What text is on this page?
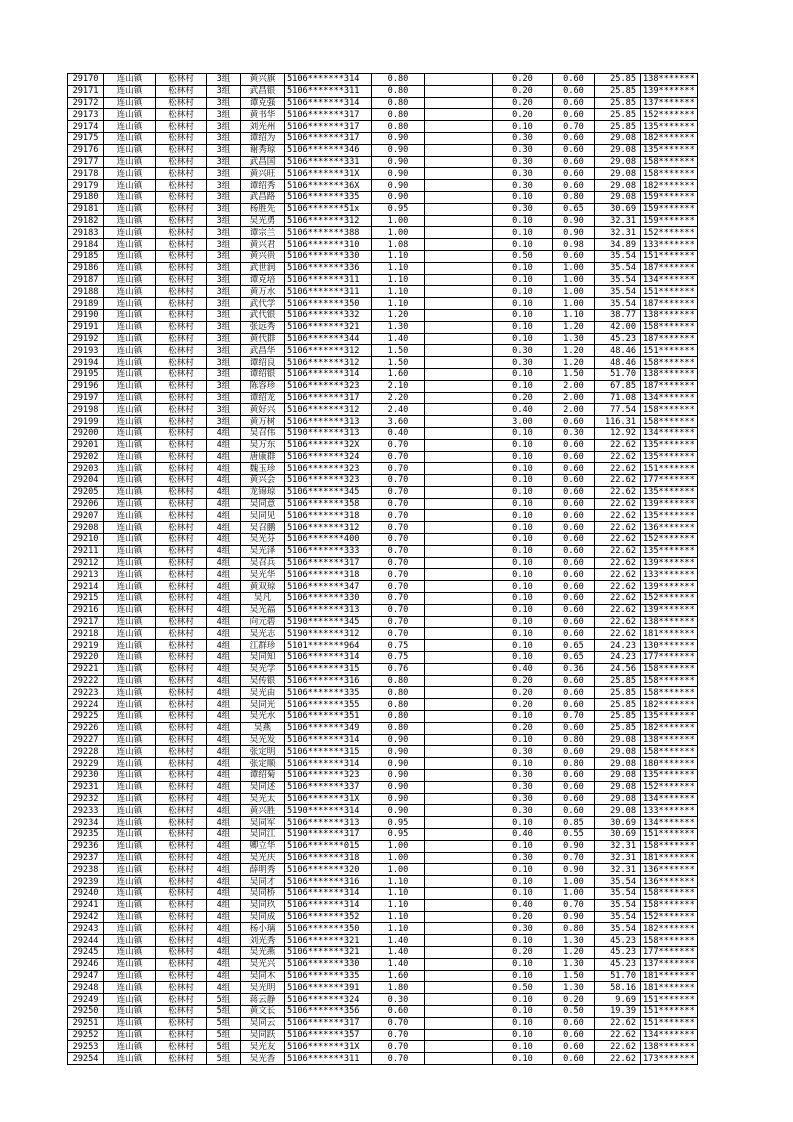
29170	连山镇	松林村	3组	黄兴旗	5106*******314	0.80		0.20	0.60	25.85	138*******
29171	连山镇	松林村	3组	武昌银	5106*******311	0.80		0.20	0.60	25.85	139*******
29172	连山镇	松林村	3组	谭克强	5106*******314	0.80		0.20	0.60	25.85	137*******
29173	连山镇	松林村	3组	黄书华	5106*******317	0.80		0.20	0.60	25.85	152*******
29174	连山镇	松林村	3组	刘光州	5106*******317	0.80		0.10	0.70	25.85	135*******
29175	连山镇	松林村	3组	谭绍为	5106*******317	0.90		0.30	0.60	29.08	182*******
29176	连山镇	松林村	3组	谢秀琼	5106*******346	0.90		0.30	0.60	29.08	135*******
29177	连山镇	松林村	3组	武昌国	5106*******331	0.90		0.30	0.60	29.08	158*******
29178	连山镇	松林村	3组	黄兴旺	5106*******31X	0.90		0.30	0.60	29.08	158*******
29179	连山镇	松林村	3组	谭绍秀	5106*******36X	0.90		0.30	0.60	29.08	182*******
29180	连山镇	松林村	3组	武昌路	5106*******335	0.90		0.10	0.80	29.08	159*******
29181	连山镇	松林村	3组	杨胜先	5106*******51x	0.95		0.30	0.65	30.69	159*******
29182	连山镇	松林村	3组	吴光勇	5106*******312	1.00		0.10	0.90	32.31	159*******
29183	连山镇	松林村	3组	谭宗兰	5106*******388	1.00		0.10	0.90	32.31	152*******
29184	连山镇	松林村	3组	黄兴君	5106*******310	1.08		0.10	0.98	34.89	133*******
29185	连山镇	松林村	3组	黄兴贵	5106*******330	1.10		0.50	0.60	35.54	151*******
29186	连山镇	松林村	3组	武世润	5106*******336	1.10		0.10	1.00	35.54	187*******
29187	连山镇	松林村	3组	谭克培	5106*******311	1.10		0.10	1.00	35.54	134*******
29188	连山镇	松林村	3组	黄万水	5106*******311	1.10		0.10	1.00	35.54	151*******
29189	连山镇	松林村	3组	武代学	5106*******350	1.10		0.10	1.00	35.54	187*******
29190	连山镇	松林村	3组	武代银	5106*******332	1.20		0.10	1.10	38.77	138*******
29191	连山镇	松林村	3组	张远秀	5106*******321	1.30		0.10	1.20	42.00	158*******
29192	连山镇	松林村	3组	黄代群	5106*******344	1.40		0.10	1.30	45.23	187*******
29193	连山镇	松林村	3组	武昌华	5106*******312	1.50		0.30	1.20	48.46	151*******
29194	连山镇	松林村	3组	谭绍良	5106*******312	1.50		0.30	1.20	48.46	158*******
29195	连山镇	松林村	3组	谭绍银	5106*******314	1.60		0.10	1.50	51.70	138*******
29196	连山镇	松林村	3组	陈容珍	5106*******323	2.10		0.10	2.00	67.85	187*******
29197	连山镇	松林村	3组	谭绍龙	5106*******317	2.20		0.20	2.00	71.08	134*******
29198	连山镇	松林村	3组	黄好兴	5106*******312	2.40		0.40	2.00	77.54	158*******
29199	连山镇	松林村	3组	黄万树	5106*******313	3.60		3.00	0.60	116.31	158*******
29200	连山镇	松林村	4组	吴召伟	5190*******313	0.40		0.10	0.30	12.92	134*******
29201	连山镇	松林村	4组	吴万东	5106*******32X	0.70		0.10	0.60	22.62	135*******
29202	连山镇	松林村	4组	唐康群	5106*******324	0.70		0.10	0.60	22.62	135*******
29203	连山镇	松林村	4组	魏玉珍	5106*******323	0.70		0.10	0.60	22.62	151*******
29204	连山镇	松林村	4组	黄兴会	5106*******323	0.70		0.10	0.60	22.62	177*******
29205	连山镇	松林村	4组	龙锦琼	5106*******345	0.70		0.10	0.60	22.62	135*******
29206	连山镇	松林村	4组	吴同意	5106*******358	0.70		0.10	0.60	22.62	139*******
29207	连山镇	松林村	4组	吴同见	5106*******318	0.70		0.10	0.60	22.62	135*******
29208	连山镇	松林村	4组	吴召鹏	5106*******312	0.70		0.10	0.60	22.62	136*******
29210	连山镇	松林村	4组	吴光芬	5106*******400	0.70		0.10	0.60	22.62	152*******
29211	连山镇	松林村	4组	吴光泽	5106*******333	0.70		0.10	0.60	22.62	135*******
29212	连山镇	松林村	4组	吴召兵	5106*******317	0.70		0.10	0.60	22.62	139*******
29213	连山镇	松林村	4组	吴光华	5106*******318	0.70		0.10	0.60	22.62	133*******
29214	连山镇	松林村	4组	黄双琼	5106*******347	0.70		0.10	0.60	22.62	139*******
29215	连山镇	松林村	4组	吴凡	5106*******330	0.70		0.10	0.60	22.62	152*******
29216	连山镇	松林村	4组	吴光福	5106*******313	0.70		0.10	0.60	22.62	139*******
29217	连山镇	松林村	4组	向元碧	5190*******345	0.70		0.10	0.60	22.62	138*******
29218	连山镇	松林村	4组	吴光志	5190*******312	0.70		0.10	0.60	22.62	181*******
29219	连山镇	松林村	4组	江群珍	5101*******964	0.75		0.10	0.65	24.23	130*******
29220	连山镇	松林村	4组	吴同知	5106*******314	0.75		0.10	0.65	24.23	177*******
29221	连山镇	松林村	4组	吴光学	5106*******315	0.76		0.40	0.36	24.56	158*******
29222	连山镇	松林村	4组	吴传银	5106*******316	0.80		0.20	0.60	25.85	158*******
29223	连山镇	松林村	4组	吴光由	5106*******335	0.80		0.20	0.60	25.85	158*******
29224	连山镇	松林村	4组	吴同光	5106*******355	0.80		0.20	0.60	25.85	182*******
29225	连山镇	松林村	4组	吴光水	5106*******351	0.80		0.10	0.70	25.85	135*******
29226	连山镇	松林村	4组	吴燕	5106*******349	0.80		0.20	0.60	25.85	182*******
29227	连山镇	松林村	4组	吴光发	5106*******314	0.90		0.10	0.80	29.08	138*******
29228	连山镇	松林村	4组	张定明	5106*******315	0.90		0.30	0.60	29.08	158*******
29229	连山镇	松林村	4组	张定顺	5106*******314	0.90		0.10	0.80	29.08	180*******
29230	连山镇	松林村	4组	谭绍菊	5106*******323	0.90		0.30	0.60	29.08	135*******
29231	连山镇	松林村	4组	吴同述	5106*******337	0.90		0.30	0.60	29.08	152*******
29232	连山镇	松林村	4组	吴光太	5106*******31X	0.90		0.30	0.60	29.08	134*******
29233	连山镇	松林村	4组	黄兴胜	5190*******314	0.90		0.30	0.60	29.08	133*******
29234	连山镇	松林村	4组	吴同军	5106*******313	0.95		0.10	0.85	30.69	134*******
29235	连山镇	松林村	4组	吴同江	5190*******317	0.95		0.40	0.55	30.69	151*******
29236	连山镇	松林村	4组	卿立华	5106*******015	1.00		0.10	0.90	32.31	158*******
29237	连山镇	松林村	4组	吴光庆	5106*******318	1.00		0.30	0.70	32.31	181*******
29238	连山镇	松林村	4组	薛明秀	5106*******320	1.00		0.10	0.90	32.31	136*******
29239	连山镇	松林村	4组	吴同才	5106*******316	1.10		0.10	1.00	35.54	136*******
29240	连山镇	松林村	4组	吴同桥	5106*******314	1.10		0.10	1.00	35.54	158*******
29241	连山镇	松林村	4组	吴同玖	5106*******314	1.10		0.40	0.70	35.54	158*******
29242	连山镇	松林村	4组	吴同成	5106*******352	1.10		0.20	0.90	35.54	152*******
29243	连山镇	松林村	4组	杨小璃	5106*******350	1.10		0.30	0.80	35.54	182*******
29244	连山镇	松林村	4组	刘光秀	5106*******321	1.40		0.10	1.30	45.23	158*******
29245	连山镇	松林村	4组	吴光燕	5106*******321	1.40		0.20	1.20	45.23	177*******
29246	连山镇	松林村	4组	吴光兴	5106*******330	1.40		0.10	1.30	45.23	137*******
29247	连山镇	松林村	4组	吴同木	5106*******335	1.60		0.10	1.50	51.70	181*******
29248	连山镇	松林村	4组	吴光明	5106*******391	1.80		0.50	1.30	58.16	181*******
29249	连山镇	松林村	5组	蒋云静	5106*******324	0.30		0.10	0.20	9.69	151*******
29250	连山镇	松林村	5组	黄文长	5106*******356	0.60		0.10	0.50	19.39	151*******
29251	连山镇	松林村	5组	吴同云	5106*******317	0.70		0.10	0.60	22.62	151*******
29252	连山镇	松林村	5组	吴同跃	5106*******357	0.70		0.10	0.60	22.62	134*******
29253	连山镇	松林村	5组	吴光友	5106*******31X	0.70		0.10	0.60	22.62	138*******
29254	连山镇	松林村	5组	吴光香	5106*******311	0.70		0.10	0.60	22.62	173*******
